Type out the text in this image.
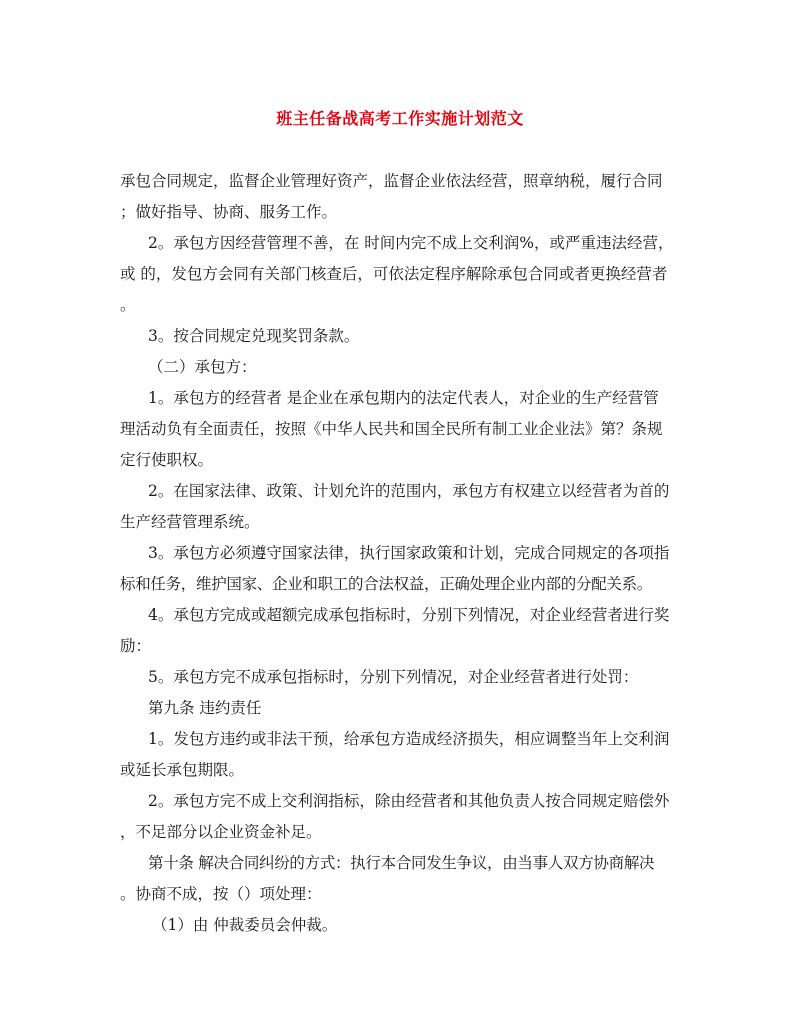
班主任备战高考工作实施计划范文
承包合同规定，监督企业管理好资产，监督企业依法经营，照章纳税，履行合同
；做好指导、协商、服务工作。
2。承包方因经营管理不善，在 时间内完不成上交利润%，或严重违法经营，
或 的，发包方会同有关部门核查后，可依法定程序解除承包合同或者更换经营者
。
3。按合同规定兑现奖罚条款。
（二）承包方：
1。承包方的经营者 是企业在承包期内的法定代表人，对企业的生产经营管
理活动负有全面责任，按照《中华人民共和国全民所有制工业企业法》第？条规
定行使职权。
2。在国家法律、政策、计划允许的范围内，承包方有权建立以经营者为首的
生产经营管理系统。
3。承包方必须遵守国家法律，执行国家政策和计划，完成合同规定的各项指
标和任务，维护国家、企业和职工的合法权益，正确处理企业内部的分配关系。
4。承包方完成或超额完成承包指标时，分别下列情况，对企业经营者进行奖
励：
5。承包方完不成承包指标时，分别下列情况，对企业经营者进行处罚：
第九条 违约责任
1。发包方违约或非法干预，给承包方造成经济损失，相应调整当年上交利润
或延长承包期限。
2。承包方完不成上交利润指标，除由经营者和其他负责人按合同规定赔偿外
，不足部分以企业资金补足。
第十条 解决合同纠纷的方式：执行本合同发生争议，由当事人双方协商解决
。协商不成，按（）项处理：
（1）由 仲裁委员会仲裁。
